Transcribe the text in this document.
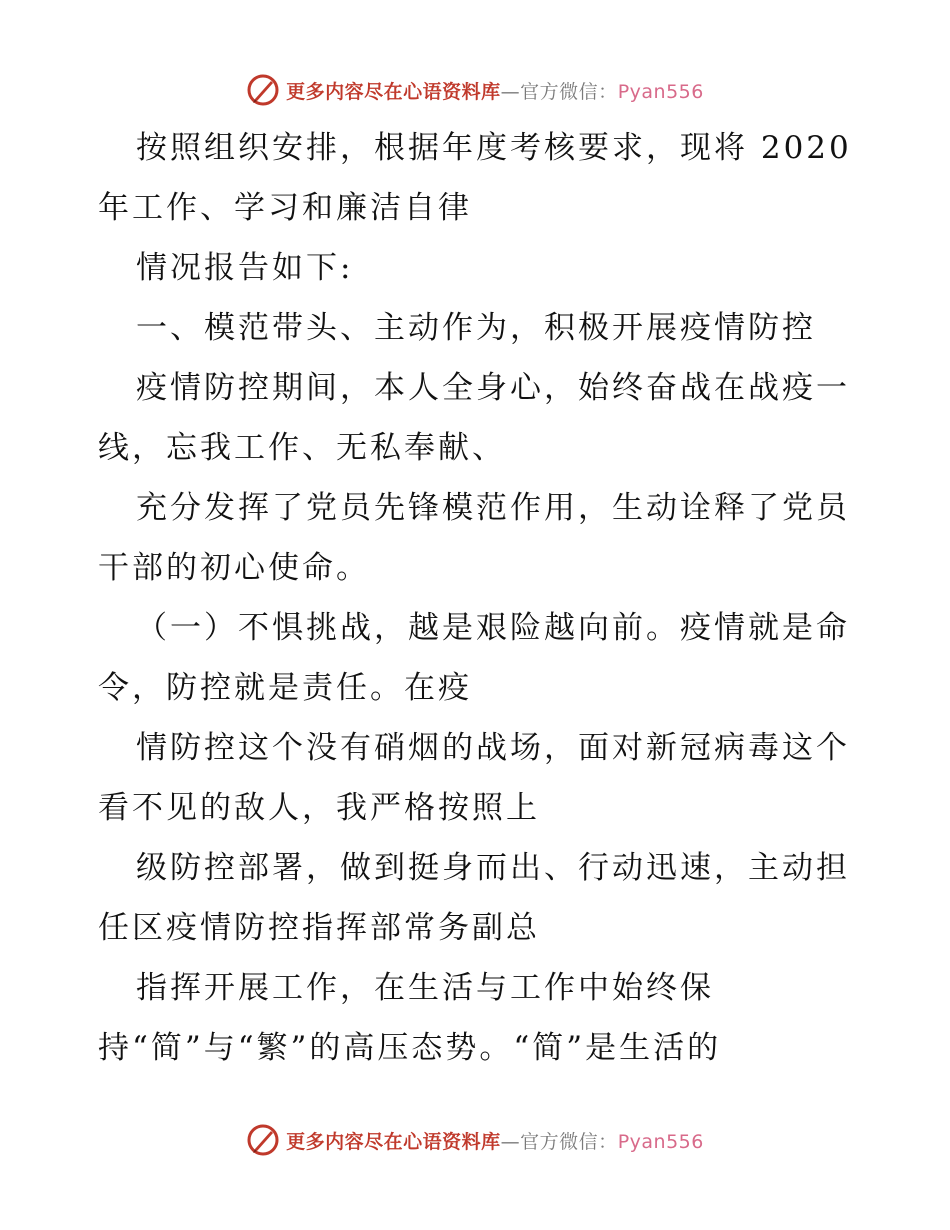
更多内容尽在心语资料库—官方微信：Pyan556
按照组织安排，根据年度考核要求，现将 2020
年工作、学习和廉洁自律
情况报告如下:
一、模范带头、主动作为，积极开展疫情防控
疫情防控期间，本人全身心，始终奋战在战疫一
线，忘我工作、无私奉献、
充分发挥了党员先锋模范作用，生动诠释了党员
干部的初心使命。
（一）不惧挑战，越是艰险越向前。疫情就是命
令，防控就是责任。在疫
情防控这个没有硝烟的战场，面对新冠病毒这个
看不见的敌人，我严格按照上
级防控部署，做到挺身而出、行动迅速，主动担
任区疫情防控指挥部常务副总
指挥开展工作，在生活与工作中始终保
持“简”与“繁”的高压态势。“简”是生活的
更多内容尽在心语资料库—官方微信：Pyan556
